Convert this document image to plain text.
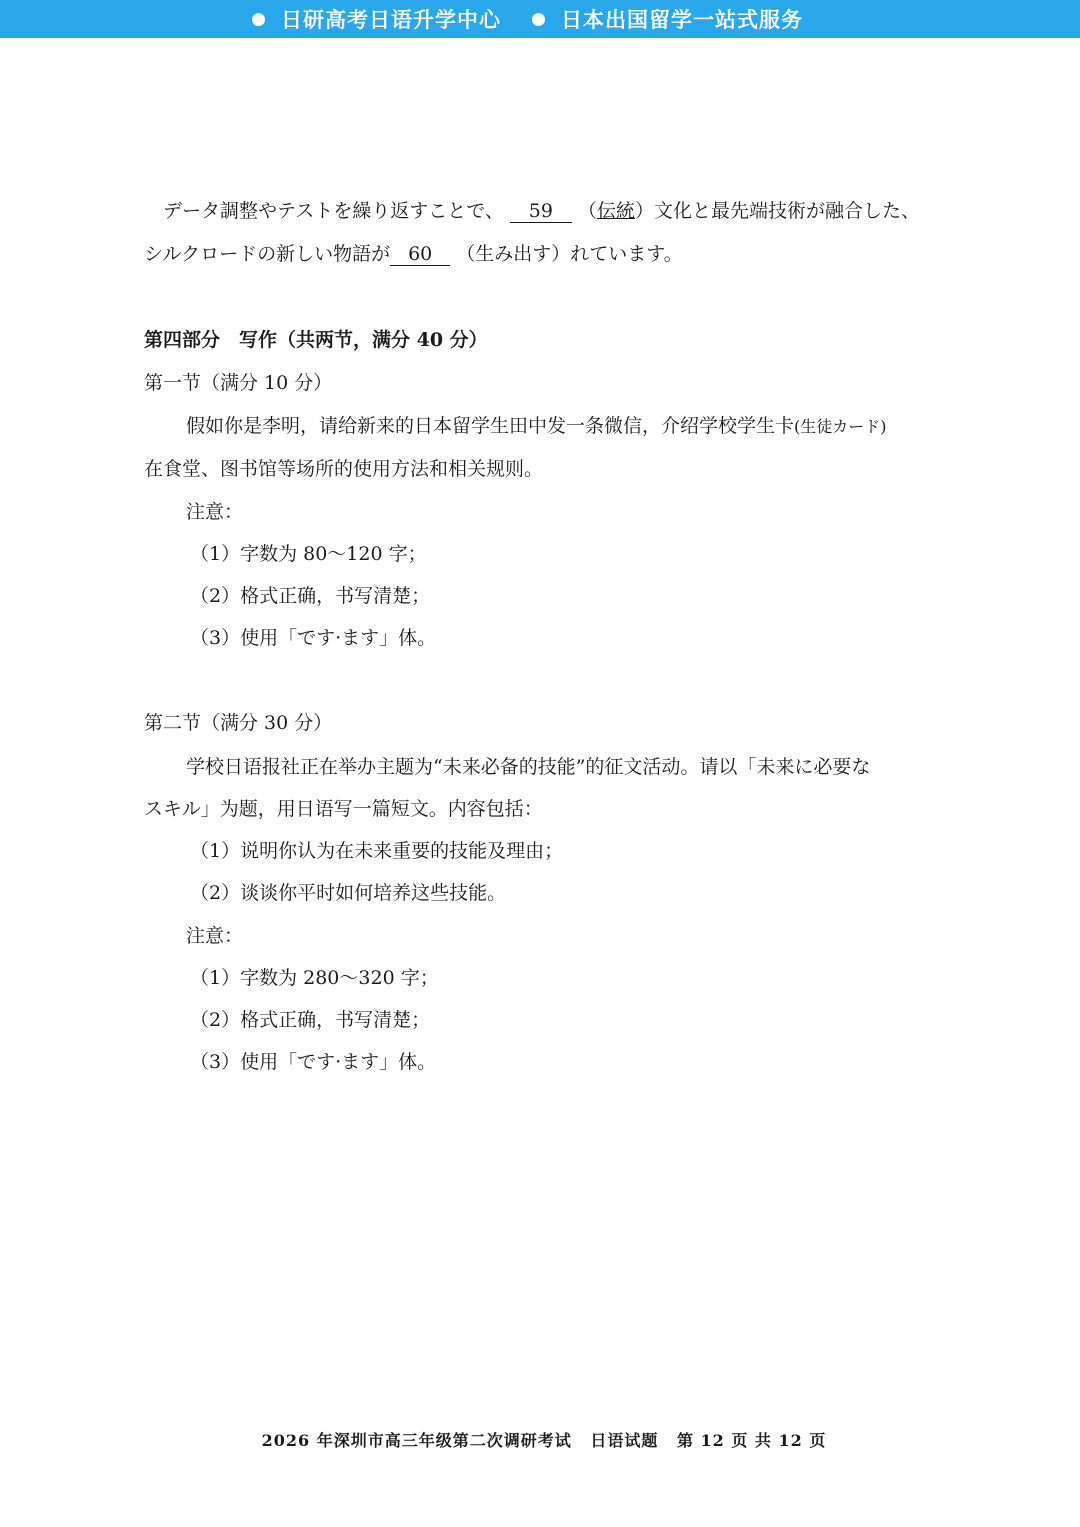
日研高考日语升学中心	日本出国留学一站式服务
データ調整やテストを繰り返すことで、 59 （伝統）文化と最先端技術が融合した、
シルクロードの新しい物語が 60 （生み出す）れています。
第四部分　写作（共两节，满分 40 分）
第一节（满分 10 分）
假如你是李明，请给新来的日本留学生田中发一条微信，介绍学校学生卡(生徒カード)
在食堂、图书馆等场所的使用方法和相关规则。
注意：
（1）字数为 80～120 字；
（2）格式正确，书写清楚；
（3）使用「です·ます」体。
第二节（满分 30 分）
学校日语报社正在举办主题为“未来必备的技能”的征文活动。请以「未来に必要な
スキル」为题，用日语写一篇短文。内容包括：
（1）说明你认为在未来重要的技能及理由；
（2）谈谈你平时如何培养这些技能。
注意：
（1）字数为 280～320 字；
（2）格式正确，书写清楚；
（3）使用「です·ます」体。
2026 年深圳市高三年级第二次调研考试 日语试题 第 12 页 共 12 页
